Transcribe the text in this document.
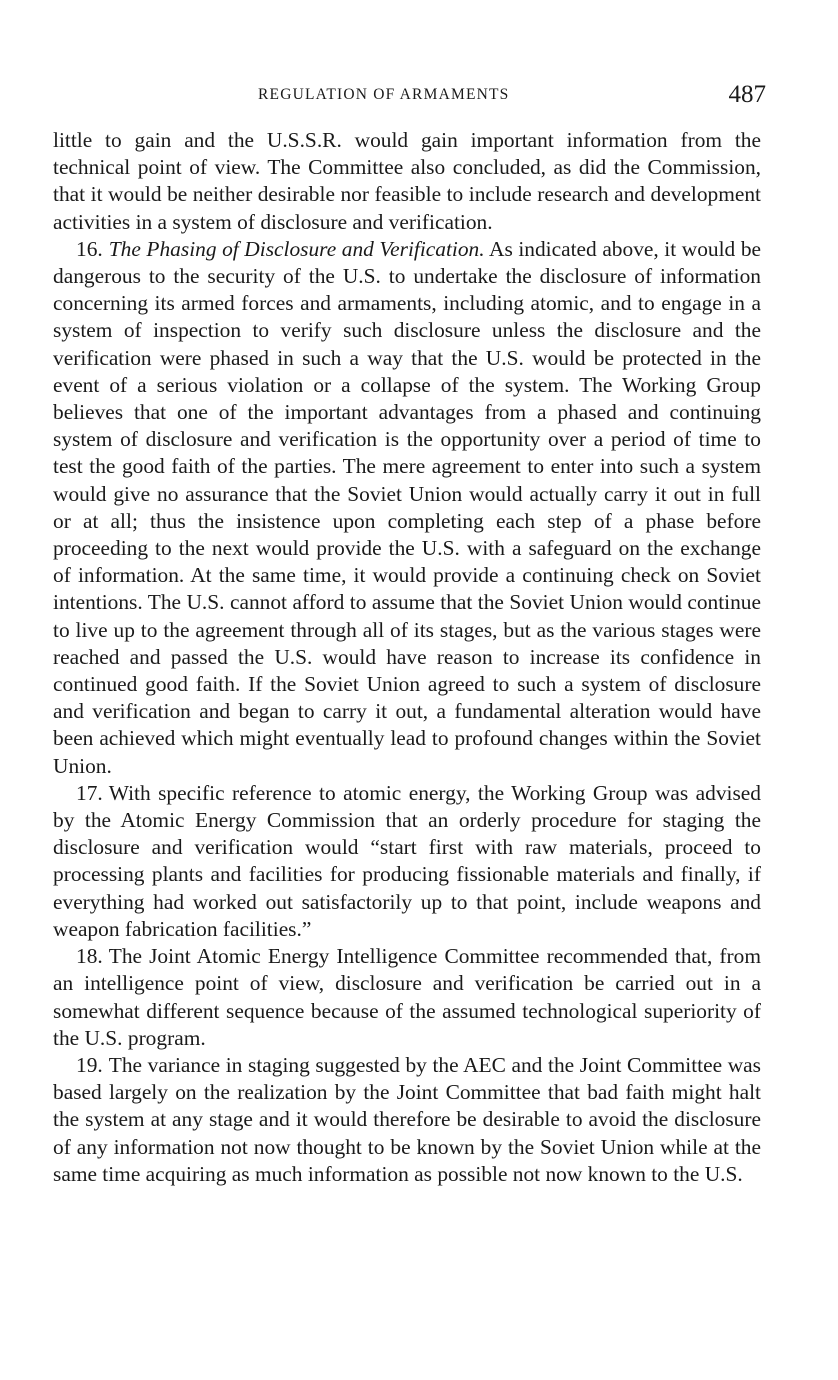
REGULATION OF ARMAMENTS	487

little to gain and the U.S.S.R. would gain important information from the technical point of view. The Committee also concluded, as did the Commission, that it would be neither desirable nor feasible to include research and development activities in a system of disclosure and verification.

16. The Phasing of Disclosure and Verification. As indicated above, it would be dangerous to the security of the U.S. to undertake the disclosure of information concerning its armed forces and armaments, including atomic, and to engage in a system of inspection to verify such disclosure unless the disclosure and the verification were phased in such a way that the U.S. would be protected in the event of a serious violation or a collapse of the system. The Working Group believes that one of the important advantages from a phased and continuing system of disclosure and verification is the opportunity over a period of time to test the good faith of the parties. The mere agreement to enter into such a system would give no assurance that the Soviet Union would actually carry it out in full or at all; thus the insistence upon completing each step of a phase before proceeding to the next would provide the U.S. with a safeguard on the exchange of information. At the same time, it would provide a continuing check on Soviet intentions. The U.S. cannot afford to assume that the Soviet Union would continue to live up to the agreement through all of its stages, but as the various stages were reached and passed the U.S. would have reason to increase its confidence in continued good faith. If the Soviet Union agreed to such a system of disclosure and verification and began to carry it out, a fundamental alteration would have been achieved which might eventually lead to profound changes within the Soviet Union.

17. With specific reference to atomic energy, the Working Group was advised by the Atomic Energy Commission that an orderly procedure for staging the disclosure and verification would “start first with raw materials, proceed to processing plants and facilities for producing fissionable materials and finally, if everything had worked out satisfactorily up to that point, include weapons and weapon fabrication facilities.”

18. The Joint Atomic Energy Intelligence Committee recommended that, from an intelligence point of view, disclosure and verification be carried out in a somewhat different sequence because of the assumed technological superiority of the U.S. program.

19. The variance in staging suggested by the AEC and the Joint Committee was based largely on the realization by the Joint Committee that bad faith might halt the system at any stage and it would therefore be desirable to avoid the disclosure of any information not now thought to be known by the Soviet Union while at the same time acquiring as much information as possible not now known to the U.S.
